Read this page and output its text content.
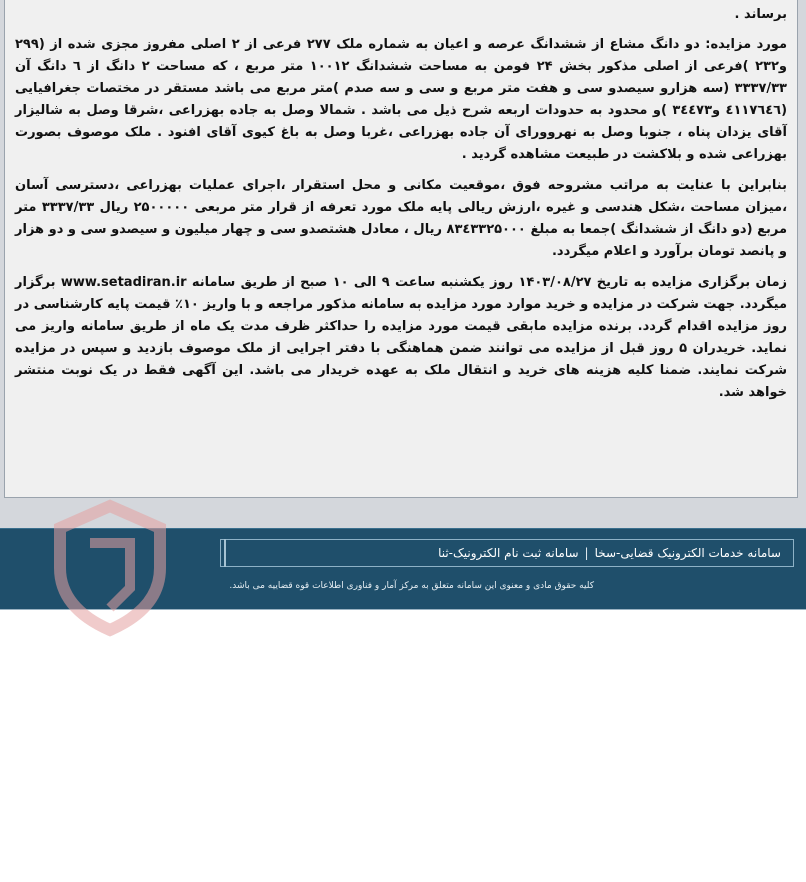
برساند .

مورد مزایده: دو دانگ مشاع از ششدانگ عرصه و اعیان به شماره ملک ۲۷۷ فرعی از ۲ اصلی مفروز مجزی شده از (۲۹۹ و۲۳۲ )فرعی از اصلی مذکور بخش ۲۴ فومن به مساحت ششدانگ ۱۰۰۱۲ متر مربع ، که مساحت ۲ دانگ از ٦ دانگ آن ۳۳۳۷/۳۳ (سه هزارو سیصدو سی و هفت متر مربع و سی و سه صدم )متر مربع می باشد مستقر در مختصات جغرافیایی (٤١١٧٦٤٦ و٣٤٤٧٣ )و محدود به حدودات اربعه شرح ذیل می باشد . شمالا وصل به جاده بهزراعی ،شرقا وصل به شالیزار آقای یزدان پناه ، جنوبا وصل به نهروورای آن جاده بهزراعی ،غربا وصل به باغ کیوی آقای افنود . ملک موصوف بصورت بهزراعی شده و بلاکشت در طبیعت مشاهده گردید .

بنابراین با عنایت به مراتب مشروحه فوق ،موقعیت مکانی و محل استقرار ،اجرای عملیات بهزراعی ،دسترسی آسان ،میزان مساحت ،شکل هندسی و غیره ،ارزش ریالی پایه ملک مورد تعرفه از قرار متر مربعی ۲۵۰۰۰۰۰ ریال ۳۳۳۷/۳۳ متر مربع (دو دانگ از ششدانگ )جمعا به مبلغ ۸۳٤۳۳۲۵۰۰۰ ریال ، معادل هشتصدو سی و چهار میلیون و سیصدو سی و دو هزار و پانصد تومان برآورد و اعلام میگردد.

زمان برگزاری مزایده به تاریخ ۱۴۰۳/۰۸/۲۷ روز یکشنبه ساعت ۹ الی ۱۰ صبح از طریق سامانه www.setadiran.ir برگزار میگردد. جهت شرکت در مزایده و خرید موارد مورد مزایده به سامانه مذکور مراجعه و با واریز ۱۰٪ قیمت پایه کارشناسی در روز مزایده اقدام گردد. برنده مزایده مابقی قیمت مورد مزایده را حداکثر ظرف مدت یک ماه از طریق سامانه واریز می نماید. خریدران ۵ روز قبل از مزایده می توانند ضمن هماهنگی با دفتر اجرایی از ملک موصوف بازدید و سپس در مزایده شرکت نمایند. ضمنا کلیه هزینه های خرید و انتقال ملک به عهده خریدار می باشد. این آگهی فقط در یک نوبت منتشر خواهد شد.

سامانه خدمات الکترونیک قضایی-سخا
|
سامانه ثبت نام الکترونیک-ثنا
کلیه حقوق مادی و معنوی این سامانه متعلق به مرکز آمار و فناوری اطلاعات قوه قضاییه می باشد.
